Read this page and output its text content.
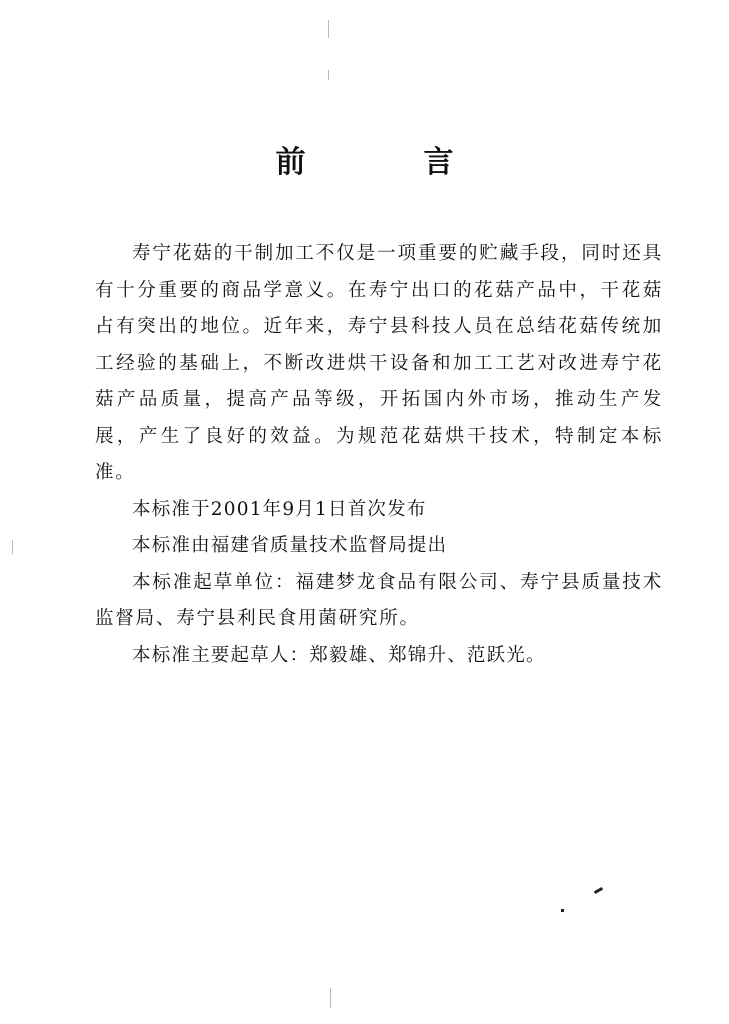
前　言

寿宁花菇的干制加工不仅是一项重要的贮藏手段，同时还具有十分重要的商品学意义。在寿宁出口的花菇产品中，干花菇占有突出的地位。近年来，寿宁县科技人员在总结花菇传统加工经验的基础上，不断改进烘干设备和加工工艺对改进寿宁花菇产品质量，提高产品等级，开拓国内外市场，推动生产发展，产生了良好的效益。为规范花菇烘干技术，特制定本标准。

本标准于2001年9月1日首次发布

本标准由福建省质量技术监督局提出

本标准起草单位：福建梦龙食品有限公司、寿宁县质量技术监督局、寿宁县利民食用菌研究所。

本标准主要起草人：郑毅雄、郑锦升、范跃光。
